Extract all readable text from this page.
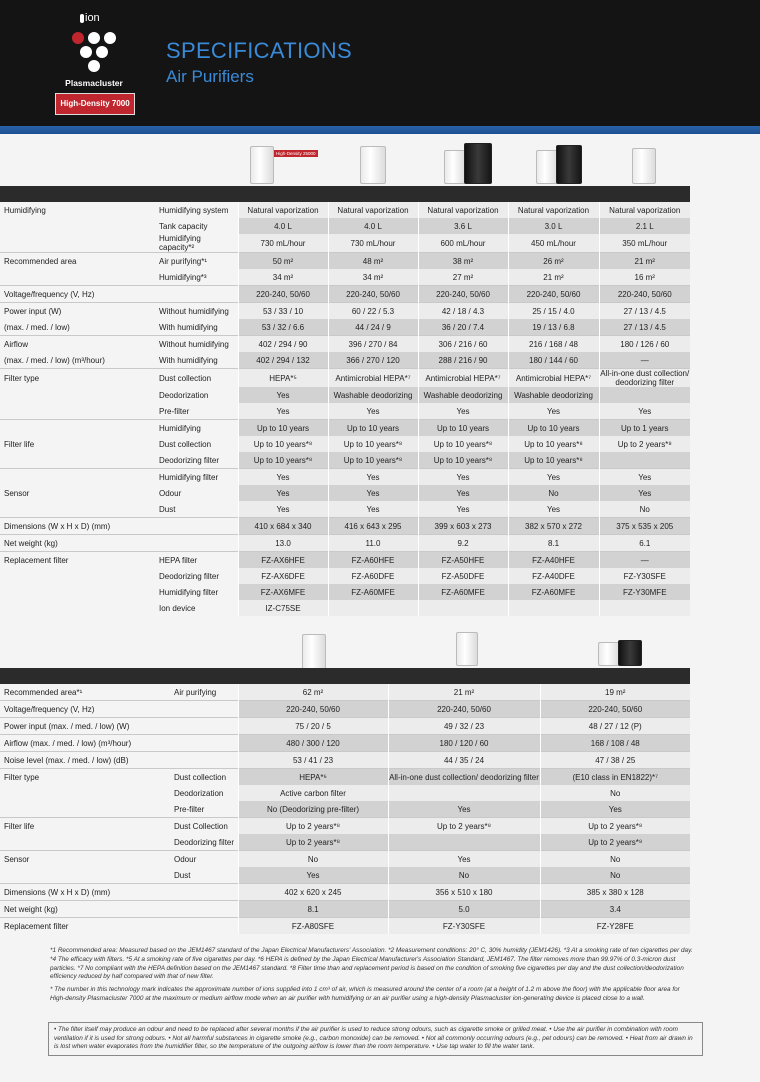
ion
Plasmacluster
High-Density 7000
SPECIFICATIONS
Air Purifiers
High-Density 25000

Humidifying	Humidifying system	Natural vaporization	Natural vaporization	Natural vaporization	Natural vaporization	Natural vaporization
	Tank capacity	4.0 L	4.0 L	3.6 L	3.0 L	2.1 L
	Humidifying capacity*²	730 mL/hour	730 mL/hour	600 mL/hour	450 mL/hour	350 mL/hour
Recommended area	Air purifying*¹	50 m²	48 m²	38 m²	26 m²	21 m²
	Humidifying*³	34 m²	34 m²	27 m²	21 m²	16 m²
Voltage/frequency (V, Hz)		220-240, 50/60	220-240, 50/60	220-240, 50/60	220-240, 50/60	220-240, 50/60
Power input (W)	Without humidifying	53 / 33 / 10	60 / 22 / 5.3	42 / 18 / 4.3	25 / 15 / 4.0	27 / 13 / 4.5
(max. / med. / low)	With humidifying	53 / 32 / 6.6	44 / 24 / 9	36 / 20 / 7.4	19 / 13 / 6.8	27 / 13 / 4.5
Airflow	Without humidifying	402 / 294 / 90	396 / 270 / 84	306 / 216 / 60	216 / 168 / 48	180 / 126 / 60
(max. / med. / low) (m³/hour)	With humidifying	402 / 294 / 132	366 / 270 / 120	288 / 216 / 90	180 / 144 / 60	—
Filter type	Dust collection	HEPA*⁵	Antimicrobial HEPA*⁷	Antimicrobial HEPA*⁷	Antimicrobial HEPA*⁷	All-in-one dust collection/ deodorizing filter
	Deodorization	Yes	Washable deodorizing	Washable deodorizing	Washable deodorizing	
	Pre-filter	Yes	Yes	Yes	Yes	Yes
	Humidifying	Up to 10 years	Up to 10 years	Up to 10 years	Up to 10 years	Up to 1 years
Filter life	Dust collection	Up to 10 years*⁸	Up to 10 years*⁸	Up to 10 years*⁸	Up to 10 years*⁸	Up to 2 years*⁸
	Deodorizing filter	Up to 10 years*⁸	Up to 10 years*⁸	Up to 10 years*⁸	Up to 10 years*⁸	
	Humidifying filter	Yes	Yes	Yes	Yes	Yes
Sensor	Odour	Yes	Yes	Yes	No	Yes
	Dust	Yes	Yes	Yes	Yes	No
Dimensions (W x H x D) (mm)		410 x 684 x 340	416 x 643 x 295	399 x 603 x 273	382 x 570 x 272	375 x 535 x 205
Net weight (kg)		13.0	11.0	9.2	8.1	6.1
Replacement filter	HEPA filter	FZ-AX6HFE	FZ-A60HFE	FZ-A50HFE	FZ-A40HFE	—
	Deodorizing filter	FZ-AX6DFE	FZ-A60DFE	FZ-A50DFE	FZ-A40DFE	FZ-Y30SFE
	Humidifying filter	FZ-AX6MFE	FZ-A60MFE	FZ-A60MFE	FZ-A60MFE	FZ-Y30MFE
	Ion device	IZ-C75SE				

Recommended area*¹	Air purifying	62 m²	21 m²	19 m²
Voltage/frequency (V, Hz)		220-240, 50/60	220-240, 50/60	220-240, 50/60
Power input (max. / med. / low) (W)		75 / 20 / 5	49 / 32 / 23	48 / 27 / 12 (P)
Airflow (max. / med. / low) (m³/hour)		480 / 300 / 120	180 / 120 / 60	168 / 108 / 48
Noise level (max. / med. / low) (dB)		53 / 41 / 23	44 / 35 / 24	47 / 38 / 25
Filter type	Dust collection	HEPA*⁶	All-in-one dust collection/ deodorizing filter	(E10 class in EN1822)*⁷
	Deodorization	Active carbon filter		No
	Pre-filter	No (Deodorizing pre-filter)	Yes	Yes
Filter life	Dust Collection	Up to 2 years*⁸	Up to 2 years*⁸	Up to 2 years*⁸
	Deodorizing filter	Up to 2 years*⁸		Up to 2 years*⁸
Sensor	Odour	No	Yes	No
	Dust	Yes	No	No
Dimensions (W x H x D) (mm)		402 x 620 x 245	356 x 510 x 180	385 x 380 x 128
Net weight (kg)		8.1	5.0	3.4
Replacement filter		FZ-A80SFE	FZ-Y30SFE	FZ-Y28FE

*1 Recommended area: Measured based on the JEM1467 standard of the Japan Electrical Manufacturers' Association. *2 Measurement conditions: 20° C, 30% humidity (JEM1426). *3 At a smoking rate of ten cigarettes per day. *4 The efficacy with filters. *5 At a smoking rate of five cigarettes per day. *6 HEPA is defined by the Japan Electrical Manufacturer's Association Standard, JEM1467. The filter removes more than 99.97% of 0.3-micron dust particles. *7 No compliant with the HEPA definition based on the JEM1467 standard. *8 Filter time than and replacement period is based on the condition of smoking five cigarettes per day and the dust collection/deodorization efficiency reduced by half compared with that of new filter.

* The number in this technology mark indicates the approximate number of ions supplied into 1 cm³ of air, which is measured around the center of a room (at a height of 1.2 m above the floor) with the applicable floor area for High-density Plasmacluster 7000 at the maximum or medium airflow mode when an air purifier with humidifying or an air purifier using a high-density Plasmacluster ion-generating device is placed close to a wall.

• The filter itself may produce an odour and need to be replaced after several months if the air purifier is used to reduce strong odours, such as cigarette smoke or grilled meat. • Use the air purifier in combination with room ventilation if it is used for strong odours. • Not all harmful substances in cigarette smoke (e.g., carbon monoxide) can be removed. • Not all commonly occurring odours (e.g., pet odours) can be removed. • Heat from air drawn in is lost when water evaporates from the humidifier filter, so the temperature of the outgoing airflow is lower than the room temperature. • Use tap water to fill the water tank.
